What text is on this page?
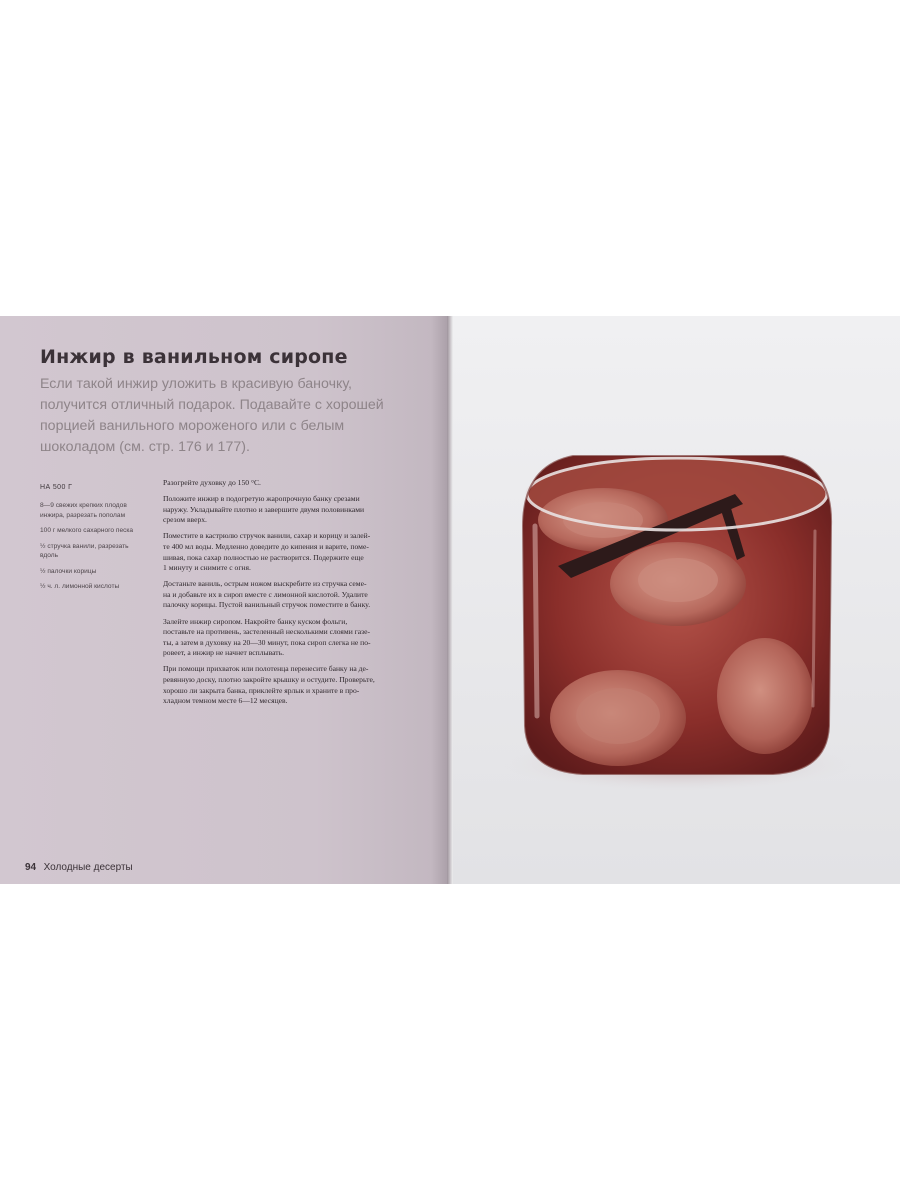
Инжир в ванильном сиропе

Если такой инжир уложить в красивую баночку, получится отличный подарок. Подавайте с хорошей порцией ванильного мороженого или с белым шоколадом (см. стр. 176 и 177).

НА 500 Г

8—9 свежих крепких плодов
инжира, разрезать пополам
100 г мелкого сахарного песка
½ стручка ванили, разрезать
вдоль
½ палочки корицы
½ ч. л. лимонной кислоты

Разогрейте духовку до 150 °С.

Положите инжир в подогретую жаропрочную банку срезами
наружу. Укладывайте плотно и завершите двумя половинками
срезом вверх.

Поместите в кастрюлю стручок ванили, сахар и корицу и залей-
те 400 мл воды. Медленно доведите до кипения и варите, поме-
шивая, пока сахар полностью не растворится. Подержите еще
1 минуту и снимите с огня.

Достаньте ваниль, острым ножом выскребите из стручка семе-
на и добавьте их в сироп вместе с лимонной кислотой. Удалите
палочку корицы. Пустой ванильный стручок поместите в банку.

Залейте инжир сиропом. Накройте банку куском фольги,
поставьте на противень, застеленный несколькими слоями газе-
ты, а затем в духовку на 20—30 минут, пока сироп слегка не по-
ровеет, а инжир не начнет всплывать.

При помощи прихваток или полотенца перенесите банку на де-
ревянную доску, плотно закройте крышку и остудите. Проверьте,
хорошо ли закрыта банка, приклейте ярлык и храните в про-
хладном темном месте 6—12 месяцев.

94 Холодные десерты
